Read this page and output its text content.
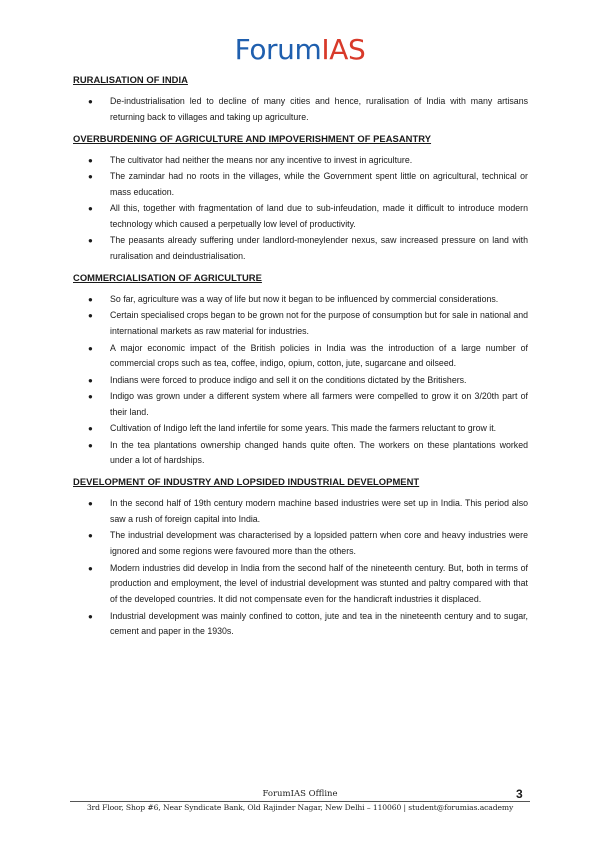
ForumIAS
RURALISATION OF INDIA
● De-industrialisation led to decline of many cities and hence, ruralisation of India with many artisans returning back to villages and taking up agriculture.
OVERBURDENING OF AGRICULTURE AND IMPOVERISHMENT OF PEASANTRY
● The cultivator had neither the means nor any incentive to invest in agriculture.
● The zamindar had no roots in the villages, while the Government spent little on agricultural, technical or mass education.
● All this, together with fragmentation of land due to sub-infeudation, made it difficult to introduce modern technology which caused a perpetually low level of productivity.
● The peasants already suffering under landlord-moneylender nexus, saw increased pressure on land with ruralisation and deindustrialisation.
COMMERCIALISATION OF AGRICULTURE
● So far, agriculture was a way of life but now it began to be influenced by commercial considerations.
● Certain specialised crops began to be grown not for the purpose of consumption but for sale in national and international markets as raw material for industries.
● A major economic impact of the British policies in India was the introduction of a large number of commercial crops such as tea, coffee, indigo, opium, cotton, jute, sugarcane and oilseed.
● Indians were forced to produce indigo and sell it on the conditions dictated by the Britishers.
● Indigo was grown under a different system where all farmers were compelled to grow it on 3/20th part of their land.
● Cultivation of Indigo left the land infertile for some years. This made the farmers reluctant to grow it.
● In the tea plantations ownership changed hands quite often. The workers on these plantations worked under a lot of hardships.
DEVELOPMENT OF INDUSTRY AND LOPSIDED INDUSTRIAL DEVELOPMENT
● In the second half of 19th century modern machine based industries were set up in India. This period also saw a rush of foreign capital into India.
● The industrial development was characterised by a lopsided pattern when core and heavy industries were ignored and some regions were favoured more than the others.
● Modern industries did develop in India from the second half of the nineteenth century. But, both in terms of production and employment, the level of industrial development was stunted and paltry compared with that of the developed countries. It did not compensate even for the handicraft industries it displaced.
● Industrial development was mainly confined to cotton, jute and tea in the nineteenth century and to sugar, cement and paper in the 1930s.
ForumIAS Offline
3rd Floor, Shop #6, Near Syndicate Bank, Old Rajinder Nagar, New Delhi – 110060 | student@forumias.academy
3
